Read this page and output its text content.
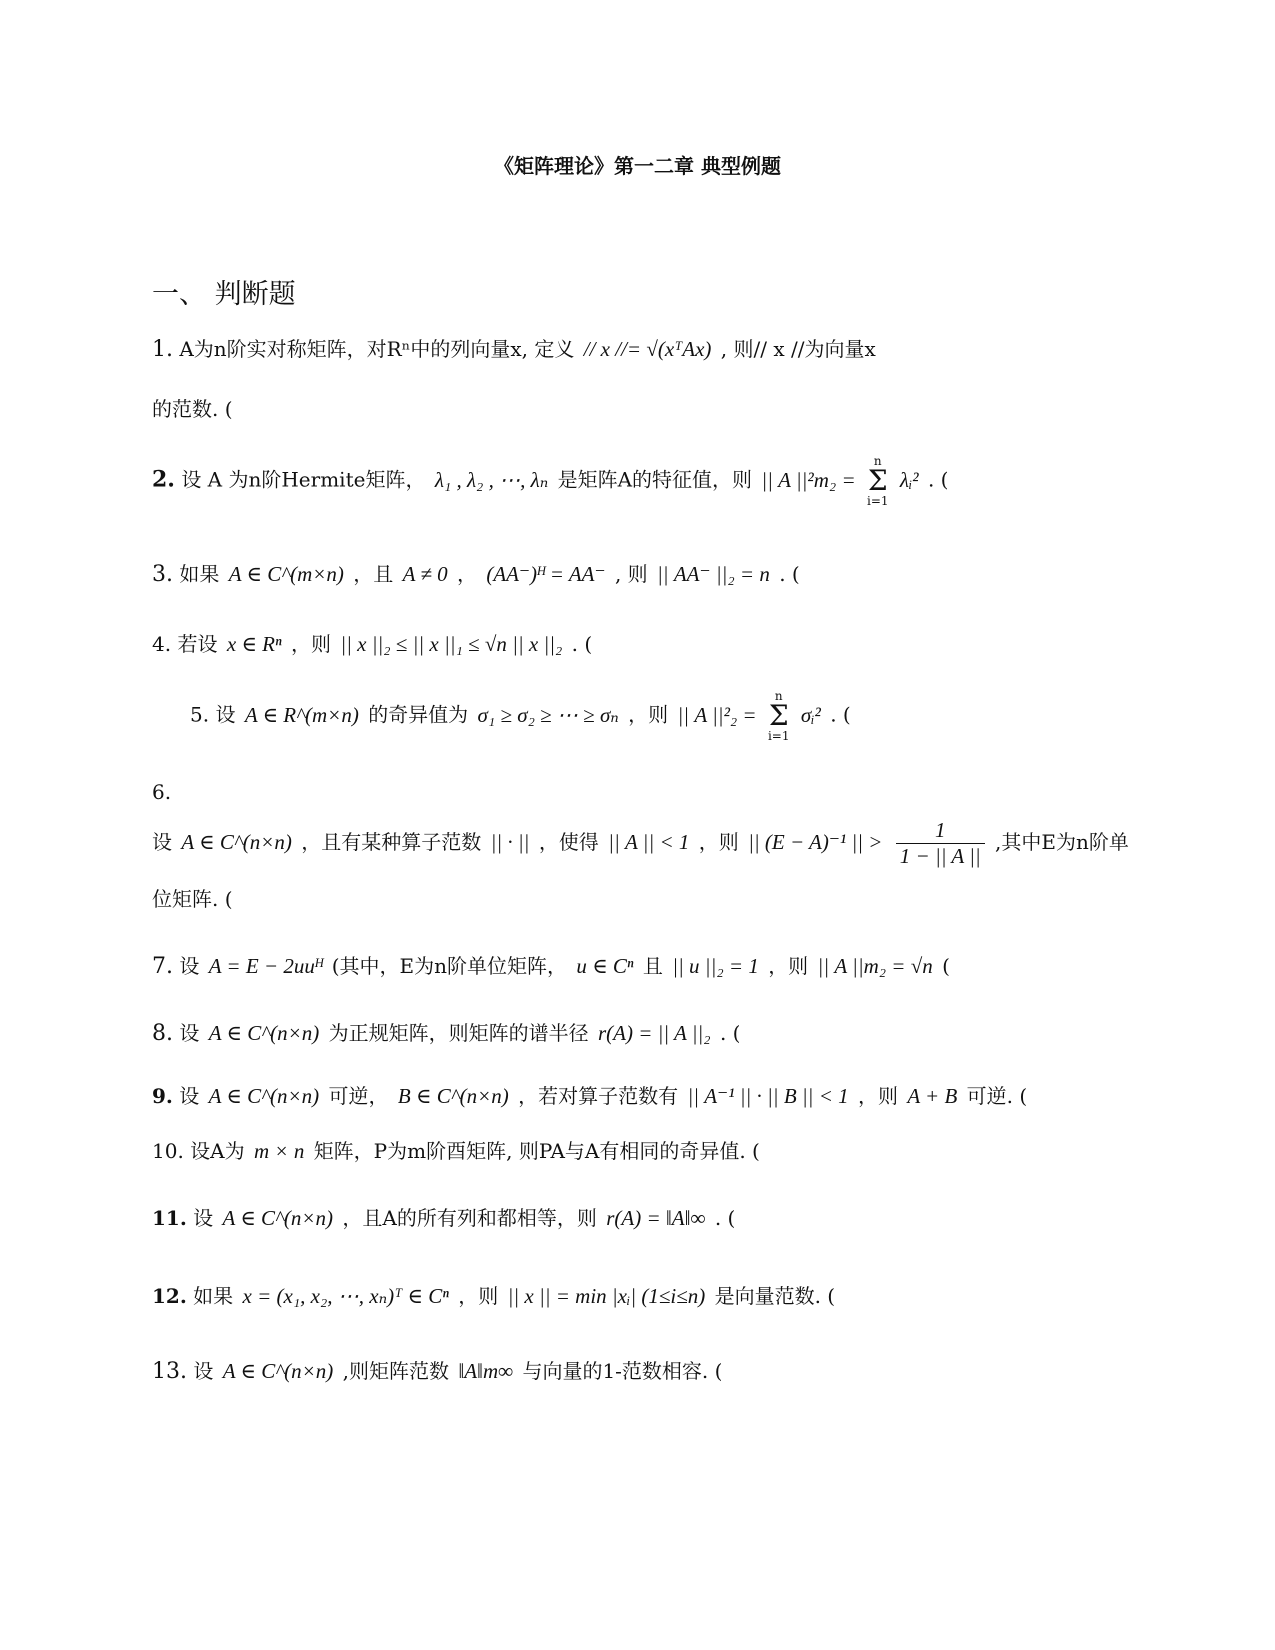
《矩阵理论》第一二章 典型例题
一、 判断题
1. A为n阶实对称矩阵，对Rⁿ中的列向量x, 定义 // x //= √(xᵀAx) , 则// x //为向量x
的范数. (
2. 设 A 为n阶Hermite矩阵， λ₁ , λ₂ , ⋯, λₙ 是矩阵A的特征值，则 || A ||²m₂ =
n
Σ
i=1
λᵢ² . (
3. 如果 A ∈ C^(m×n) ，且 A ≠ 0 ， (AA⁻)ᴴ = AA⁻ , 则 || AA⁻ ||₂ = n . (
4. 若设 x ∈ Rⁿ ，则 || x ||₂ ≤ || x ||₁ ≤ √n || x ||₂ . (
5. 设 A ∈ R^(m×n) 的奇异值为 σ₁ ≥ σ₂ ≥ ⋯ ≥ σₙ ，则 || A ||²₂ =
n
Σ
i=1
σᵢ² . (
6.
设 A ∈ C^(n×n) ，且有某种算子范数 || · || ，使得 || A || < 1 ，则 || (E − A)⁻¹ || > $\frac{1}{1 - || A ||}$ ,其中E为n阶单
位矩阵. (
7. 设 A = E − 2uuᴴ (其中，E为n阶单位矩阵， u ∈ Cⁿ 且 || u ||₂ = 1 ，则 || A ||m₂ = √n (
8. 设 A ∈ C^(n×n) 为正规矩阵，则矩阵的谱半径 r(A) = || A ||₂ . (
9. 设 A ∈ C^(n×n) 可逆， B ∈ C^(n×n) ，若对算子范数有 || A⁻¹ || · || B || < 1 ，则 A + B 可逆. (
10. 设A为 m × n 矩阵，P为m阶酉矩阵, 则PA与A有相同的奇异值. (
11. 设 A ∈ C^(n×n) ，且A的所有列和都相等，则 r(A) = ‖A‖∞ . (
12. 如果 x = (x₁, x₂, ⋯, xₙ)ᵀ ∈ Cⁿ ，则 || x || = min |xᵢ| (1≤i≤n) 是向量范数. (
13. 设 A ∈ C^(n×n) ,则矩阵范数 ‖A‖m∞ 与向量的1-范数相容. (
